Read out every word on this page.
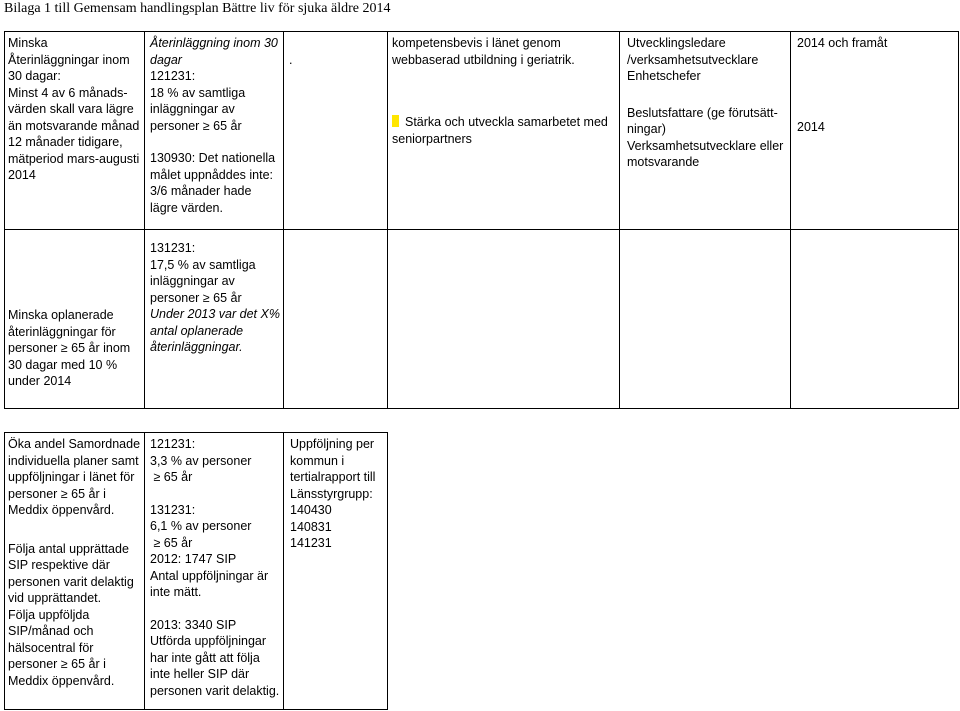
Bilaga 1 till Gemensam handlingsplan Bättre liv för sjuka äldre 2014

Minska

Återinläggningar inom

30 dagar:

Minst 4 av 6 månads-

värden skall vara lägre

än motsvarande månad

12 månader tidigare,

mätperiod mars-augusti

2014

Återinläggning inom 30

dagar

121231:

18 % av samtliga

inläggningar av

personer ≥ 65 år

130930: Det nationella

målet uppnåddes inte:

3/6 månader hade

lägre värden.

.

kompetensbevis i länet genom

webbaserad utbildning i geriatrik.

Stärka och utveckla samarbetet med

seniorpartners

Utvecklingsledare

/verksamhetsutvecklare

Enhetschefer

Beslutsfattare (ge förutsätt-

ningar)

Verksamhetsutvecklare eller

motsvarande

2014 och framåt

2014

Minska oplanerade

återinläggningar för

personer ≥ 65 år inom

30 dagar med 10 %

under 2014

131231:

17,5 % av samtliga

inläggningar av

personer ≥ 65 år

Under 2013 var det X%

antal oplanerade

återinläggningar.

Öka andel Samordnade

individuella planer samt

uppföljningar i länet för

personer ≥ 65 år i

Meddix öppenvård.

Följa antal upprättade

SIP respektive där

personen varit delaktig

vid upprättandet.

Följa uppföljda

SIP/månad och

hälsocentral för

personer ≥ 65 år i

Meddix öppenvård.

121231:

3,3 % av personer

≥ 65 år

131231:

6,1 % av personer

≥ 65 år

2012: 1747 SIP

Antal uppföljningar är

inte mätt.

2013: 3340 SIP

Utförda uppföljningar

har inte gått att följa

inte heller SIP där

personen varit delaktig.

Uppföljning per

kommun i

tertialrapport till

Länsstyrgrupp:

140430

140831

141231
